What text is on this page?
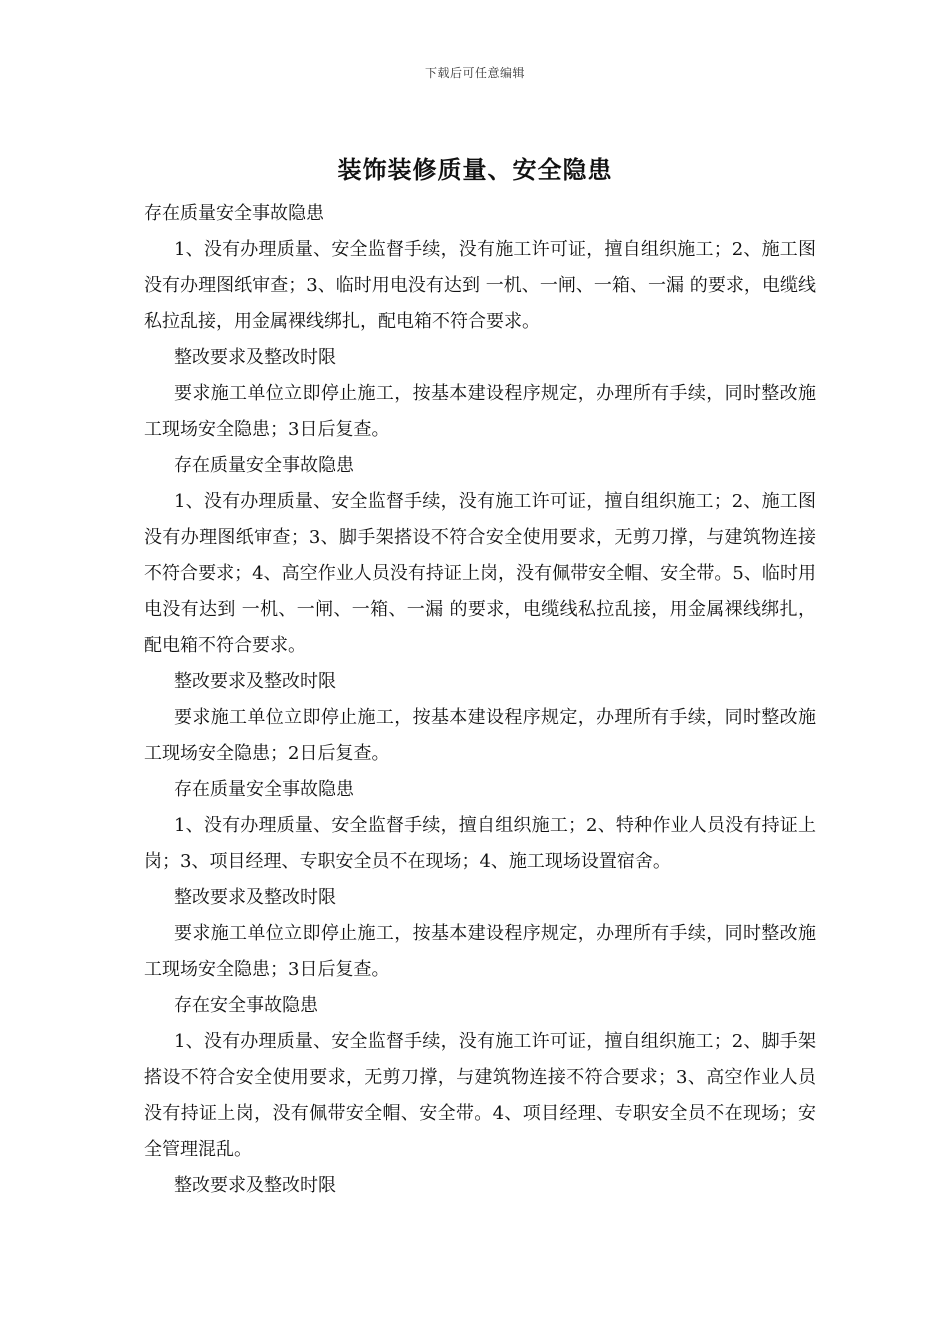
下载后可任意编辑
装饰装修质量、安全隐患

存在质量安全事故隐患

1、没有办理质量、安全监督手续，没有施工许可证，擅自组织施工；2、施工图没有办理图纸审查；3、临时用电没有达到 一机、一闸、一箱、一漏 的要求，电缆线私拉乱接，用金属裸线绑扎，配电箱不符合要求。

整改要求及整改时限

要求施工单位立即停止施工，按基本建设程序规定，办理所有手续，同时整改施工现场安全隐患；3日后复查。

存在质量安全事故隐患

1、没有办理质量、安全监督手续，没有施工许可证，擅自组织施工；2、施工图没有办理图纸审查；3、脚手架搭设不符合安全使用要求，无剪刀撑，与建筑物连接不符合要求；4、高空作业人员没有持证上岗，没有佩带安全帽、安全带。5、临时用电没有达到 一机、一闸、一箱、一漏 的要求，电缆线私拉乱接，用金属裸线绑扎，配电箱不符合要求。

整改要求及整改时限

要求施工单位立即停止施工，按基本建设程序规定，办理所有手续，同时整改施工现场安全隐患；2日后复查。

存在质量安全事故隐患

1、没有办理质量、安全监督手续，擅自组织施工；2、特种作业人员没有持证上岗；3、项目经理、专职安全员不在现场；4、施工现场设置宿舍。

整改要求及整改时限

要求施工单位立即停止施工，按基本建设程序规定，办理所有手续，同时整改施工现场安全隐患；3日后复查。

存在安全事故隐患

1、没有办理质量、安全监督手续，没有施工许可证，擅自组织施工；2、脚手架搭设不符合安全使用要求，无剪刀撑，与建筑物连接不符合要求；3、高空作业人员没有持证上岗，没有佩带安全帽、安全带。4、项目经理、专职安全员不在现场；安全管理混乱。

整改要求及整改时限
